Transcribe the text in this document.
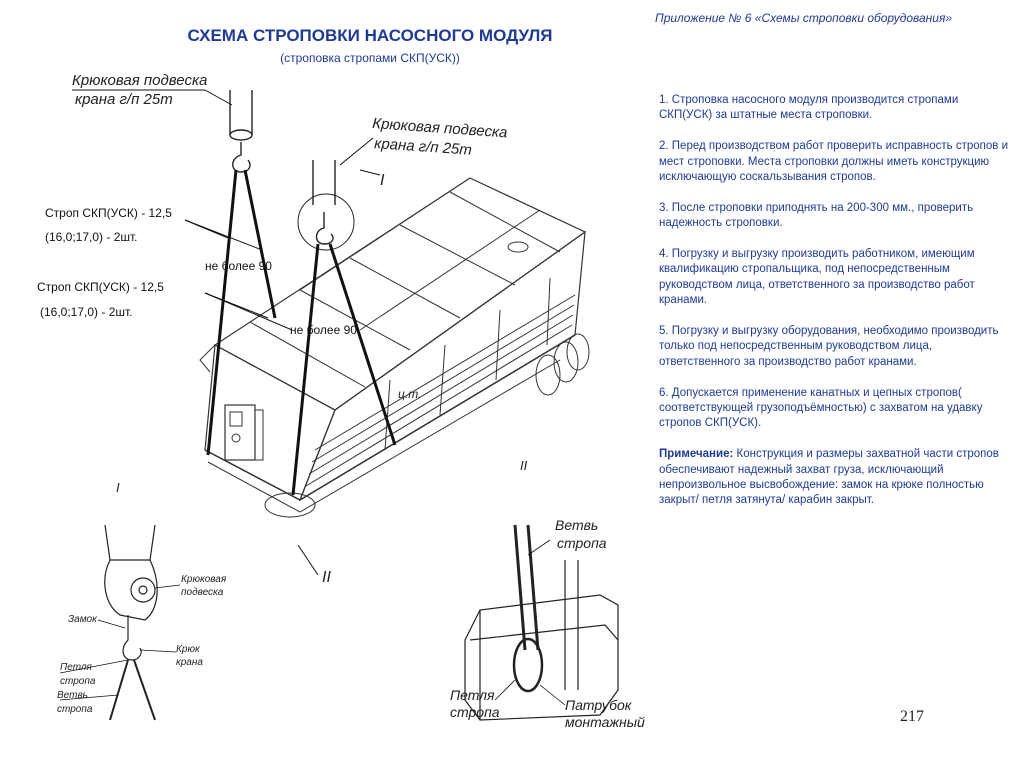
Приложение № 6 «Схемы строповки оборудования»
СХЕМА СТРОПОВКИ НАСОСНОГО МОДУЛЯ
(строповка стропами СКП(УСК))
Крюковая подвеска
крана г/п 25т
Крюковая подвеска
крана г/п 25т
Строп СКП(УСК) - 12,5
(16,0;17,0) - 2шт.
Строп СКП(УСК) - 12,5
(16,0;17,0) - 2шт.
не более 90
не более 90
I
I
II
II
ц.т.
Крюковая
подвеска
Замок
Крюк
крана
Петля
стропа
Ветвь
стропа
Ветвь
стропа
Петля
стропа	Патрубок
монтажный

1. Строповка насосного модуля производится стропами СКП(УСК) за штатные места строповки.

2. Перед производством работ проверить исправность стропов и мест строповки. Места строповки должны иметь конструкцию исключающую соскальзывания стропов.

3. После строповки приподнять на 200-300 мм., проверить надежность строповки.

4. Погрузку и выгрузку производить работником, имеющим квалификацию стропальщика, под непосредственным руководством лица, ответственного за производство работ кранами.

5. Погрузку и выгрузку оборудования, необходимо производить только под непосредственным руководством лица, ответственного за производство работ кранами.

6. Допускается применение канатных и цепных стропов( соответствующей грузоподъёмностью) с захватом на удавку стропов СКП(УСК).

Примечание: Конструкция и размеры захватной части стропов обеспечивают надежный захват груза, исключающий непроизвольное высвобождение: замок на крюке полностью закрыт/ петля затянута/ карабин закрыт.

217
